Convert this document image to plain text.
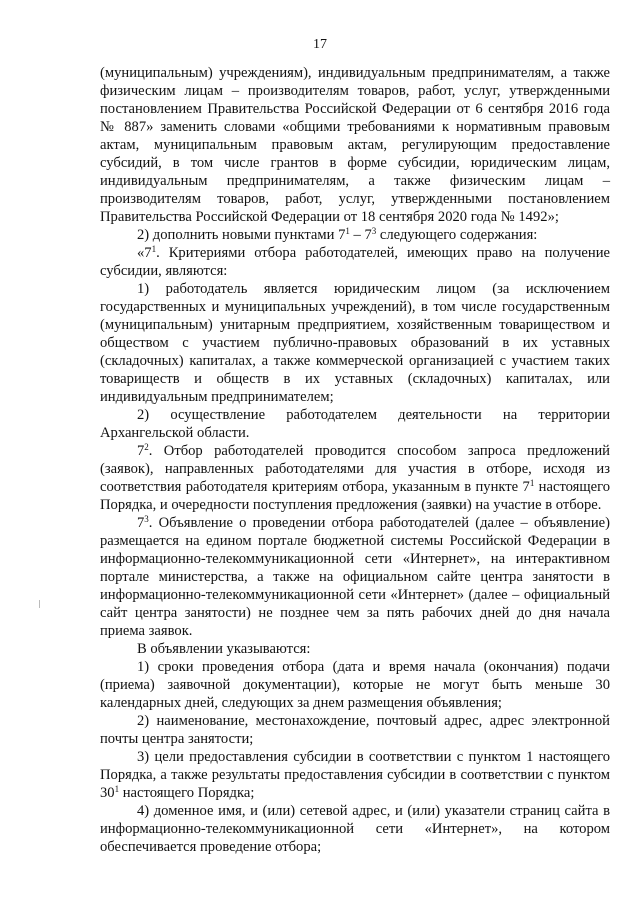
17

(муниципальным) учреждениям), индивидуальным предпринимателям, а также физическим лицам – производителям товаров, работ, услуг, утвержденными постановлением Правительства Российской Федерации от 6 сентября 2016 года № 887» заменить словами «общими требованиями к нормативным правовым актам, муниципальным правовым актам, регулирующим предоставление субсидий, в том числе грантов в форме субсидии, юридическим лицам, индивидуальным предпринимателям, а также физическим лицам – производителям товаров, работ, услуг, утвержденными постановлением Правительства Российской Федерации от 18 сентября 2020 года № 1492»;

2) дополнить новыми пунктами $7^1 - 7^3$ следующего содержания:

«$7^1$. Критериями отбора работодателей, имеющих право на получение субсидии, являются:

1) работодатель является юридическим лицом (за исключением государственных и муниципальных учреждений), в том числе государственным (муниципальным) унитарным предприятием, хозяйственным товариществом и обществом с участием публично-правовых образований в их уставных (складочных) капиталах, а также коммерческой организацией с участием таких товариществ и обществ в их уставных (складочных) капиталах, или индивидуальным предпринимателем;

2) осуществление работодателем деятельности на территории Архангельской области.

$7^2$. Отбор работодателей проводится способом запроса предложений (заявок), направленных работодателями для участия в отборе, исходя из соответствия работодателя критериям отбора, указанным в пункте $7^1$ настоящего Порядка, и очередности поступления предложения (заявки) на участие в отборе.

$7^3$. Объявление о проведении отбора работодателей (далее – объявление) размещается на едином портале бюджетной системы Российской Федерации в информационно-телекоммуникационной сети «Интернет», на интерактивном портале министерства, а также на официальном сайте центра занятости в информационно-телекоммуникационной сети «Интернет» (далее – официальный сайт центра занятости) не позднее чем за пять рабочих дней до дня начала приема заявок.

В объявлении указываются:

1) сроки проведения отбора (дата и время начала (окончания) подачи (приема) заявочной документации), которые не могут быть меньше 30 календарных дней, следующих за днем размещения объявления;

2) наименование, местонахождение, почтовый адрес, адрес электронной почты центра занятости;

3) цели предоставления субсидии в соответствии с пунктом 1 настоящего Порядка, а также результаты предоставления субсидии в соответствии с пунктом $30^1$ настоящего Порядка;

4) доменное имя, и (или) сетевой адрес, и (или) указатели страниц сайта в информационно-телекоммуникационной сети «Интернет», на котором обеспечивается проведение отбора;
